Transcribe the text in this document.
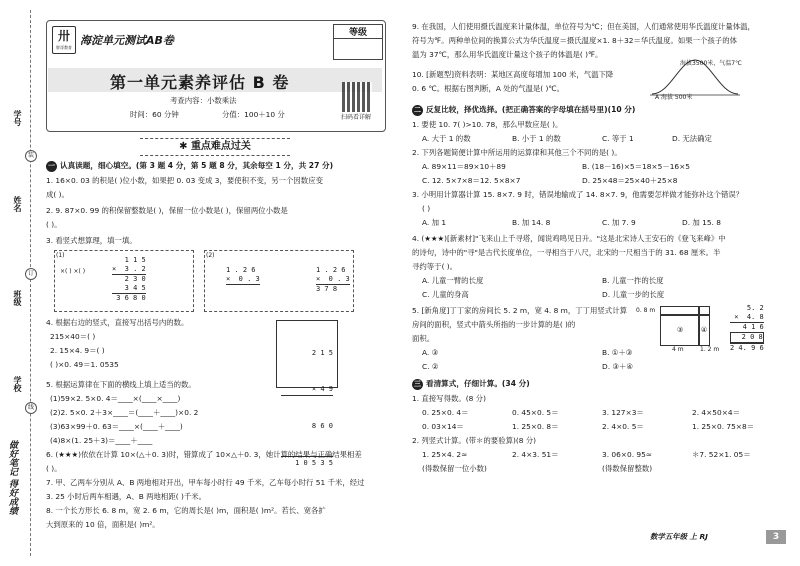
学号
姓名
班级
学校
装
订
线
做好笔记 得好成绩
卅
胖哥教育
海淀单元测试AB卷
等级
第一单元素养评估 B 卷
考查内容：小数乘法
时间：60 分钟	分值：100＋10 分	扫码看详解
✱ 重点难点过关
一 认真读题，细心填空。(第 3 题 4 分，第 5 题 8 分，其余每空 1 分，共 27 分)
1. 16×0. 03 的积是( )位小数，如果把 0. 03 变成 3，要使积不变，另一个因数应变
成( )。
2. 9. 87×0. 99 的积保留整数是( )，保留一位小数是( )，保留两位小数是
( )。
3. 看竖式想算理，填一填。
(1)
1 1 5
×  3 . 2
2 3 0
3 4 5
3 6 8 0
×( ) ×( )
(2)
1 . 2 6
×  0 . 3
1 . 2 6
×  0 . 3
3 7 8
4. 根据右边的竖式，直接写出括号内的数。
215×40＝( )
2. 15×4. 9＝( )
( )×0. 49＝1. 0535

2 1 5

× 4 9

8 6 0

1 0 5 3 5

5. 根据运算律在下面的横线上填上适当的数。
(1)59×2. 5×0. 4＝____×(____×____)
(2)2. 5×0. 2＋3×____＝(____＋____)×0. 2
(3)63×99＋0. 63＝____×(____＋____)
(4)8×(1. 25＋3)＝____＋____
6. (★★★)依依在计算 10×(△＋0. 3)时，错算成了 10×△＋0. 3，她计算的结果与正确结果相差
( )。
7. 甲、乙两车分别从 A、B 两地相对开出，甲车每小时行 49 千米，乙车每小时行 51 千米，经过
3. 25 小时后两车相遇，A、B 两地相距( )千米。
8. 一个长方形长 6. 8 m，宽 2. 6 m，它的周长是( )m，面积是( )m²。若长、宽各扩
大到原来的 10 倍，面积是( )m²。
9. 在我国，人们使用摄氏温度来计量体温，单位符号为℃；但在美国，人们通常使用华氏温度计量体温，
符号为℉。两种单位间的换算公式为华氏温度＝摄氏温度×1. 8＋32＝华氏温度。如果一个孩子的体
温为 37℃，那么用华氏温度计量这个孩子的体温是( )℉。
海拔3500米，气温7℃
A 海拔 500米
10. [新题型]资料表明：某地区高度每增加 100 米，气温下降
0. 6 ℃。根据右图判断，A 处的气温是( )℃。
二 反复比较，择优选择。(把正确答案的字母填在括号里)(10 分)
1. 要使 10. 7( )>10. 78，那么甲数应是( )。
A. 大于 1 的数	B. 小于 1 的数	C. 等于 1	D. 无法确定
2. 下列各题简便计算中所运用的运算律和其他三个不同的是( )。
A. 89×11＝89×10＋89	B. (18－16)×5＝18×5－16×5
C. 12. 5×7×8＝12. 5×8×7	D. 25×48＝25×40＋25×8
3. 小明用计算器计算 15. 8×7. 9 时，错误地输成了 14. 8×7. 9，他需要怎样做才能弥补这个错误？
( )
A. 加 1	B. 加 14. 8	C. 加 7. 9	D. 加 15. 8
4. (★★★)[新素材]"飞来山上千寻塔，闻说鸡鸣见日升。"这是北宋诗人王安石的《登飞来峰》中
的诗句，诗中的"寻"是古代长度单位，一寻相当于八尺，北宋的一尺相当于的 31. 68 厘米。半
寻约等于( )。
A. 儿童一臂的长度	B. 儿童一拃的长度
C. 儿童的身高	D. 儿童一步的长度
5. [新角度]丁丁家的房间长 5. 2 m，宽 4. 8 m，丁丁用竖式计算
房间的面积，竖式中箭头所指的一步计算的是( )的
面积。
A. ③	B. ①＋③
C. ②	D. ③＋④
③	④
0. 8 m
4 m	1. 2 m
5. 2
×  4. 8
4 1 6
2 0 8
2 4. 9 6
三 看清算式，仔细计算。(34 分)
1. 直接写得数。(8 分)
0. 25×0. 4＝	0. 45×0. 5＝	3. 127×3＝	2. 4×50×4＝
0. 03×14＝	1. 25×0. 8＝	2. 4×0. 5＝	1. 25×0. 75×8＝
2. 列竖式计算。(带＊的要验算)(8 分)
1. 25×4. 2≈	2. 4×3. 51＝	3. 06×0. 95≈	＊7. 52×1. 05＝
(得数保留一位小数)	(得数保留整数)
数学五年级 上 RJ	3
